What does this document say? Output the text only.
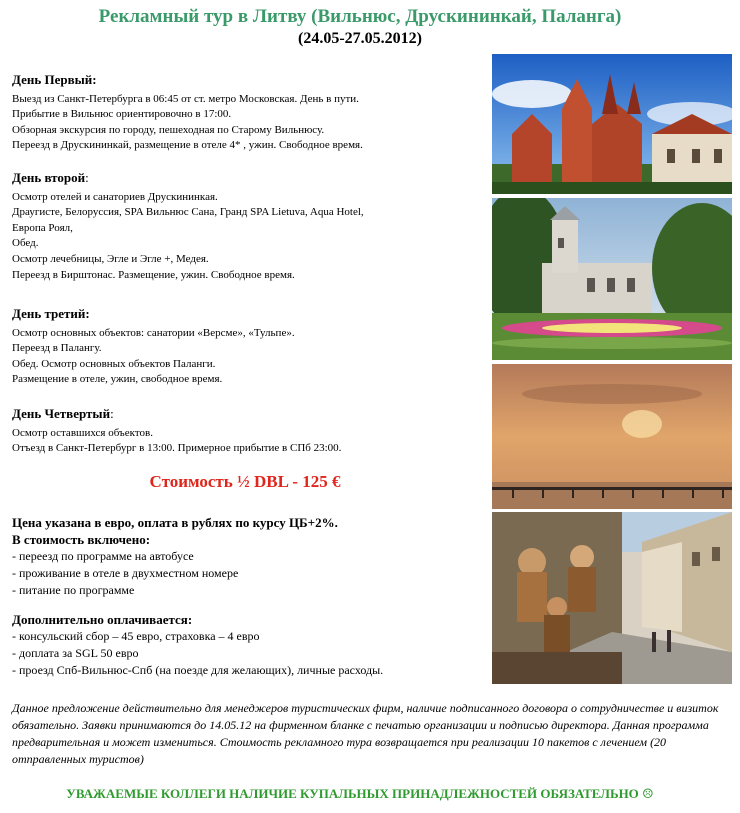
Рекламный тур в Литву (Вильнюс, Друскининкай, Паланга)
(24.05-27.05.2012)
День Первый:
Выезд из Санкт-Петербурга в 06:45 от ст. метро Московская. День в пути.
Прибытие в Вильнюс ориентировочно в 17:00.
Обзорная экскурсия по городу, пешеходная по Старому Вильнюсу.
Переезд в Друскининкай, размещение в отеле 4* , ужин. Свободное время.
День второй:
Осмотр отелей и санаториев Друскининкая.
Драугисте, Белоруссия, SPA Вильнюс Сана, Гранд SPA Lietuva, Aqua Hotel,
Европа Роял,
Обед.
Осмотр лечебницы, Эгле и Эгле +, Медея.
Переезд в Бирштонас. Размещение, ужин. Свободное время.
День третий:
Осмотр основных объектов: санатории «Версме», «Тульпе».
Переезд в Палангу.
Обед. Осмотр основных объектов Паланги.
Размещение в отеле, ужин, свободное время.
День Четвертый:
Осмотр оставшихся объектов.
Отъезд в Санкт-Петербург в 13:00. Примерное прибытие в СПб 23:00.
Стоимость ½ DBL - 125 €
Цена указана в евро, оплата в рублях по курсу ЦБ+2%.
В стоимость включено:
- переезд по программе на автобусе
- проживание в отеле в двухместном номере
- питание по программе
Дополнительно оплачивается:
- консульский сбор – 45 евро, страховка – 4 евро
- доплата за SGL 50 евро
- проезд Спб-Вильнюс-Спб (на поезде для желающих), личные расходы.
Данное предложение действительно для менеджеров туристических фирм, наличие подписанного договора о сотрудничестве и визиток обязательно. Заявки принимаются до 14.05.12 на фирменном бланке с печатью организации и подписью директора. Данная программа предварительная и может измениться. Стоимость рекламного тура возвращается при реализации 10 пакетов с лечением (20 отправленных туристов)
УВАЖАЕМЫЕ КОЛЛЕГИ НАЛИЧИЕ КУПАЛЬНЫХ ПРИНАДЛЕЖНОСТЕЙ ОБЯЗАТЕЛЬНО ☹
